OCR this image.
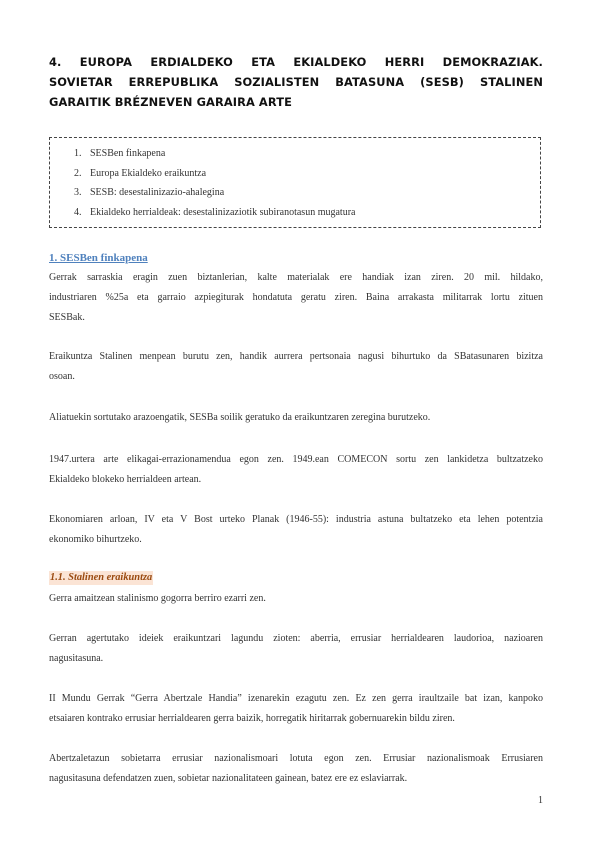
4. EUROPA ERDIALDEKO ETA EKIALDEKO HERRI DEMOKRAZIAK.
SOVIETAR ERREPUBLIKA SOZIALISTEN BATASUNA (SESB) STALINEN
GARAITIK BRÉZNEVEN GARAIRA ARTE
1. SESBen finkapena
2. Europa Ekialdeko eraikuntza
3. SESB: desestalinizazio-ahalegina
4. Ekialdeko herrialdeak: desestalinizaziotik subiranotasun mugatura
1. SESBen finkapena
Gerrak sarraskia eragin zuen biztanlerian, kalte materialak ere handiak izan ziren. 20 mil. hildako,
industriaren %25a eta garraio azpiegiturak hondatuta geratu ziren. Baina arrakasta militarrak lortu zituen
SESBak.
Eraikuntza Stalinen menpean burutu zen, handik aurrera pertsonaia nagusi bihurtuko da SBatasunaren bizitza
osoan.
Aliatuekin sortutako arazoengatik, SESBa soilik geratuko da eraikuntzaren zeregina burutzeko.
1947.urtera arte elikagai-errazionamendua egon zen. 1949.ean COMECON sortu zen lankidetza bultzatzeko
Ekialdeko blokeko herrialdeen artean.
Ekonomiaren arloan, IV eta V Bost urteko Planak (1946-55): industria astuna bultatzeko eta lehen potentzia
ekonomiko bihurtzeko.
1.1. Stalinen eraikuntza
Gerra amaitzean stalinismo gogorra berriro ezarri zen.
Gerran agertutako ideiek eraikuntzari lagundu zioten: aberria, errusiar herrialdearen laudorioa, nazioaren
nagusitasuna.
II Mundu Gerrak “Gerra Abertzale Handia” izenarekin ezagutu zen. Ez zen gerra iraultzaile bat izan, kanpoko
etsaiaren kontrako errusiar herrialdearen gerra baizik, horregatik hiritarrak gobernuarekin bildu ziren.
Abertzaletazun sobietarra errusiar nazionalismoari lotuta egon zen. Errusiar nazionalismoak Errusiaren
nagusitasuna defendatzen zuen, sobietar nazionalitateen gainean, batez ere ez eslaviarrak.
1
